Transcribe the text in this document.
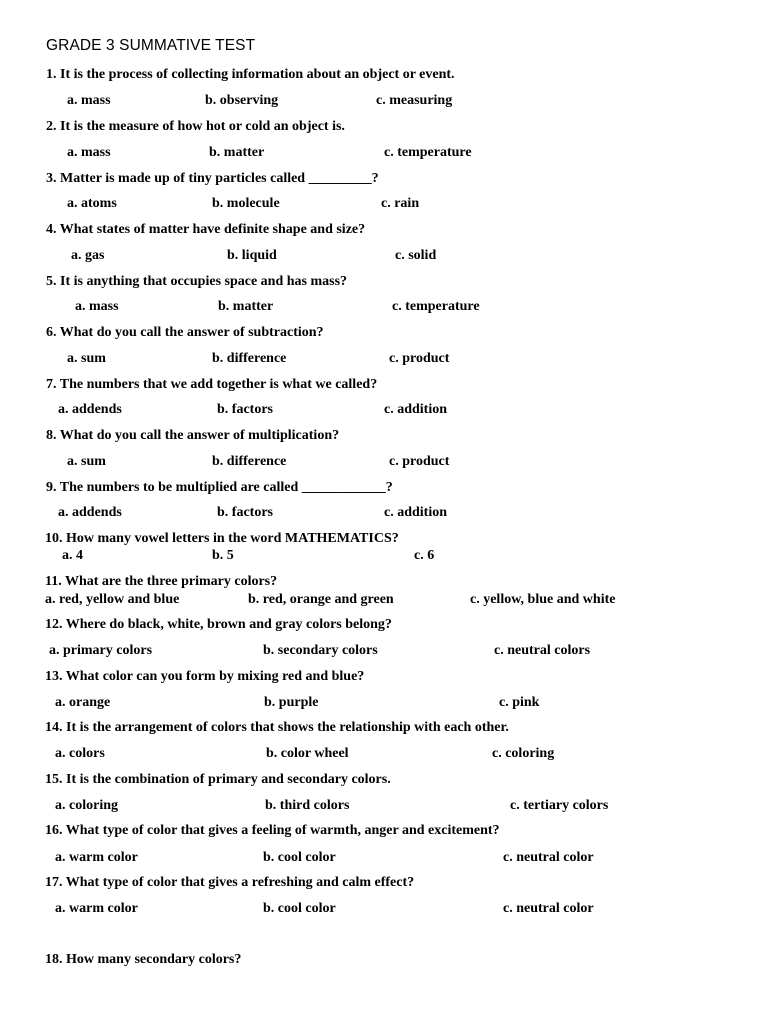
GRADE 3 SUMMATIVE TEST
1. It is the process of collecting information about an object or event.
a. mass	b. observing	c. measuring
2. It is the measure of how hot or cold an object is.
a. mass	b. matter	c. temperature
3. Matter is made up of tiny particles called _________?
a. atoms	b. molecule	c. rain
4. What states of matter have definite shape and size?
a. gas	b. liquid	c. solid
5. It is anything that occupies space and has mass?
a. mass	b. matter	c. temperature
6. What do you call the answer of subtraction?
a. sum	b. difference	c. product
7. The numbers that we add together is what we called?
a. addends	b. factors	c. addition
8. What do you call the answer of multiplication?
a. sum	b. difference	c. product
9. The numbers to be multiplied are called ____________?
a. addends	b. factors	c. addition
10. How many vowel letters in the word MATHEMATICS?
a. 4	b. 5	c. 6
11. What are the three primary colors?
a. red, yellow and blue	b. red, orange and green	c. yellow, blue and white
12. Where do black, white, brown and gray colors belong?
a. primary colors	b. secondary colors	c. neutral colors
13. What color can you form by mixing red and blue?
a. orange	b. purple	c. pink
14. It is the arrangement of colors that shows the relationship with each other.
a. colors	b. color wheel	c. coloring
15. It is the combination of primary and secondary colors.
a. coloring	b. third colors	c. tertiary colors
16. What type of color that gives a feeling of warmth, anger and excitement?
a. warm color	b. cool color	c. neutral color
17. What type of color that gives a refreshing and calm effect?
a. warm color	b. cool color	c. neutral color
18. How many secondary colors?
